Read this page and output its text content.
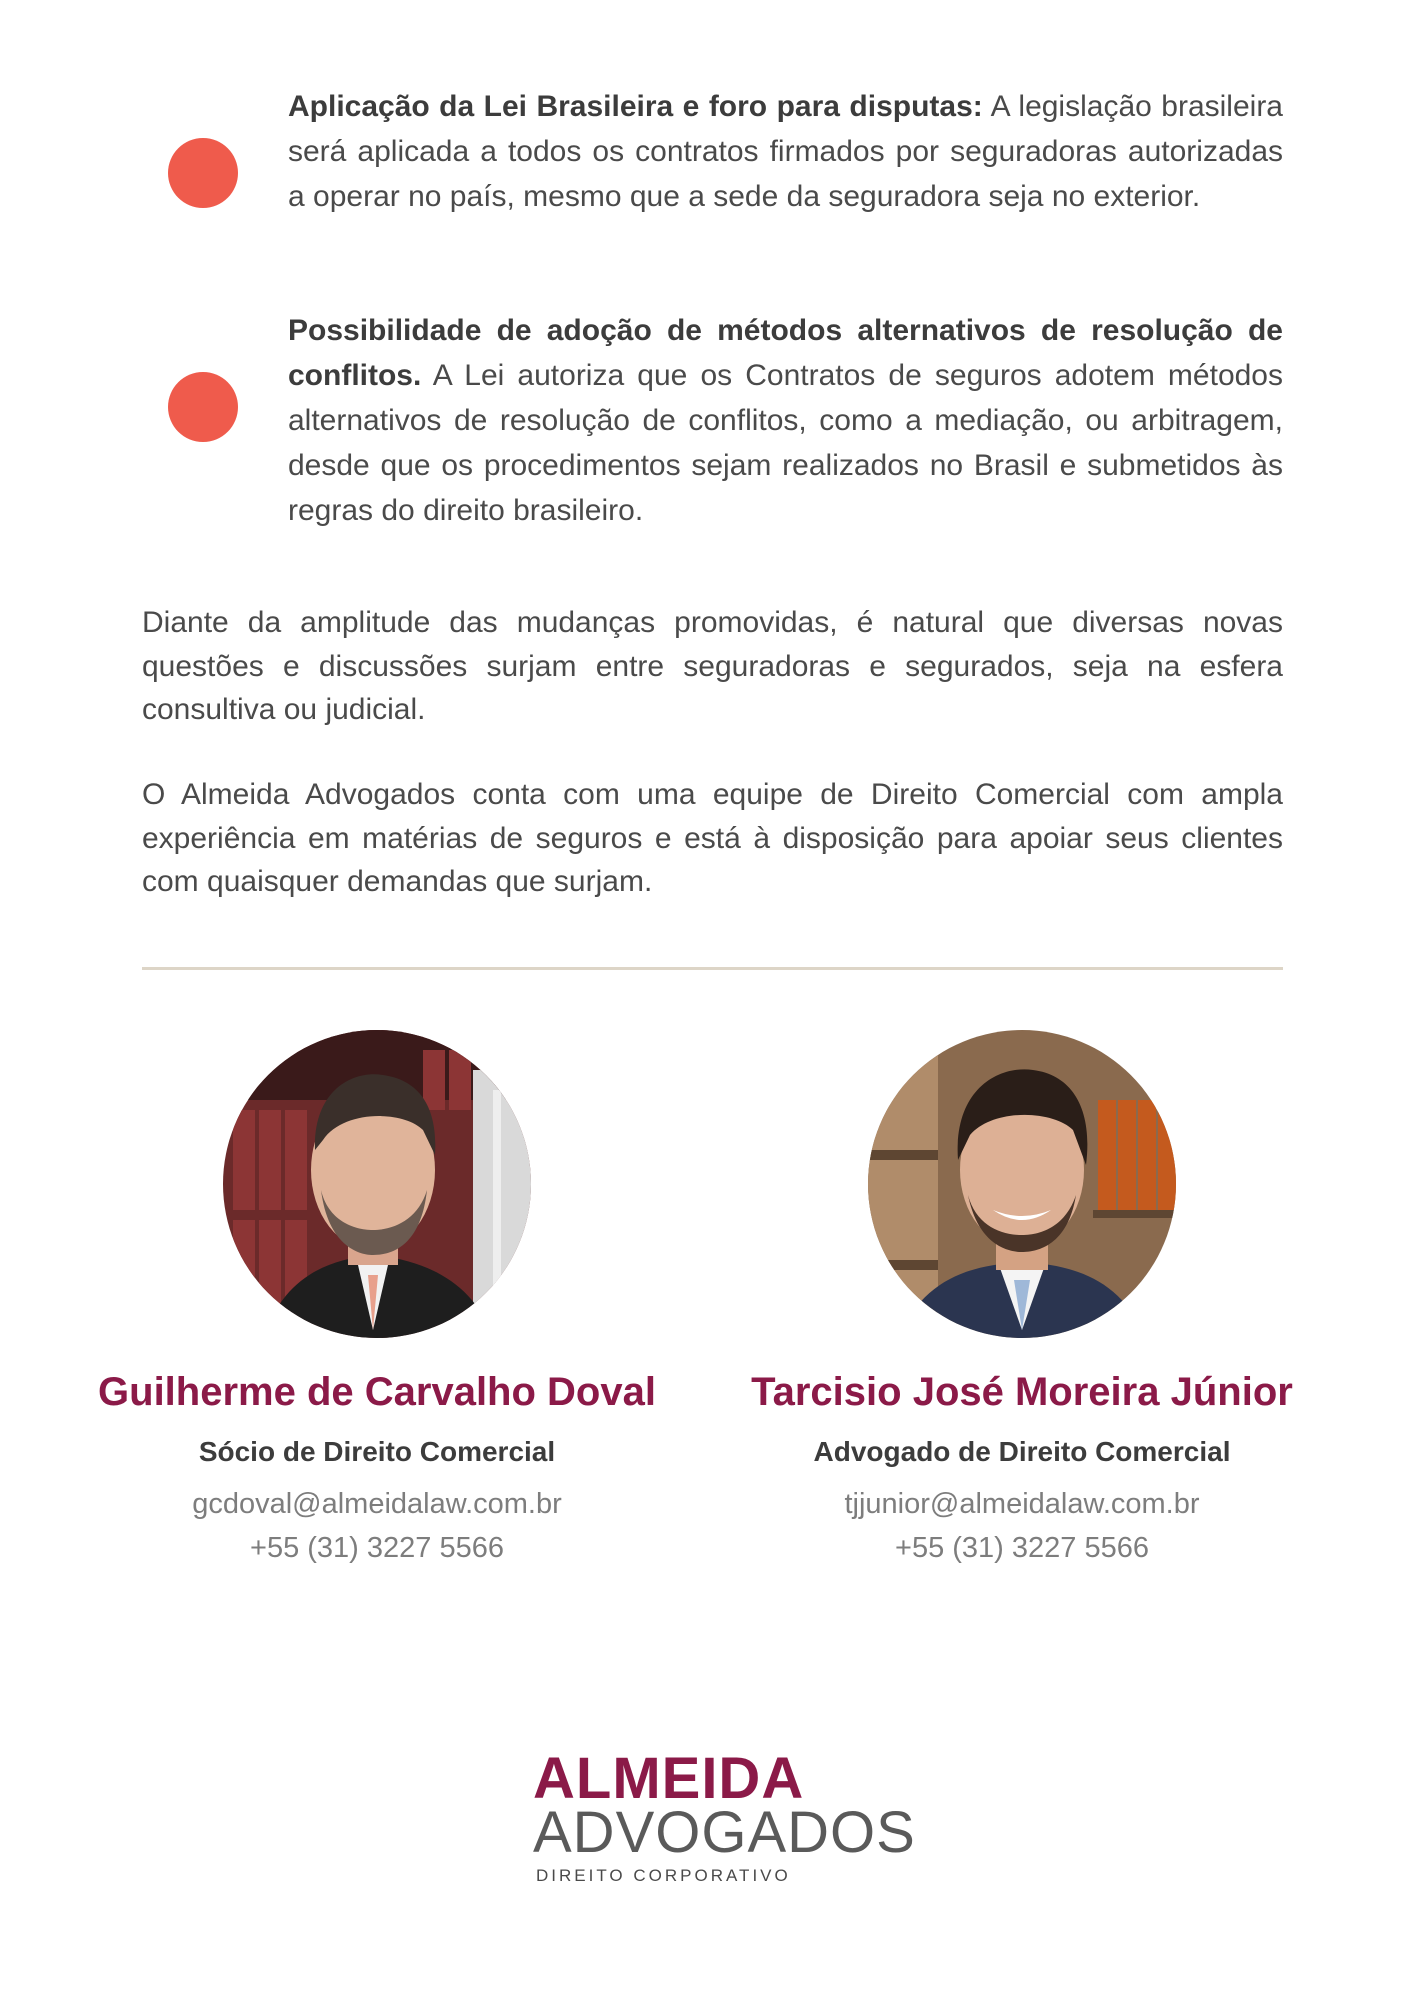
Aplicação da Lei Brasileira e foro para disputas: A legislação brasileira será aplicada a todos os contratos firmados por seguradoras autorizadas a operar no país, mesmo que a sede da seguradora seja no exterior.
Possibilidade de adoção de métodos alternativos de resolução de conflitos. A Lei autoriza que os Contratos de seguros adotem métodos alternativos de resolução de conflitos, como a mediação, ou arbitragem, desde que os procedimentos sejam realizados no Brasil e submetidos às regras do direito brasileiro.

Diante da amplitude das mudanças promovidas, é natural que diversas novas questões e discussões surjam entre seguradoras e segurados, seja na esfera consultiva ou judicial.

O Almeida Advogados conta com uma equipe de Direito Comercial com ampla experiência em matérias de seguros e está à disposição para apoiar seus clientes com quaisquer demandas que surjam.

Guilherme de Carvalho Doval
Sócio de Direito Comercial
gcdoval@almeidalaw.com.br
+55 (31) 3227 5566
Tarcisio José Moreira Júnior
Advogado de Direito Comercial
tjjunior@almeidalaw.com.br
+55 (31) 3227 5566
ALMEIDA
ADVOGADOS
DIREITO CORPORATIVO
